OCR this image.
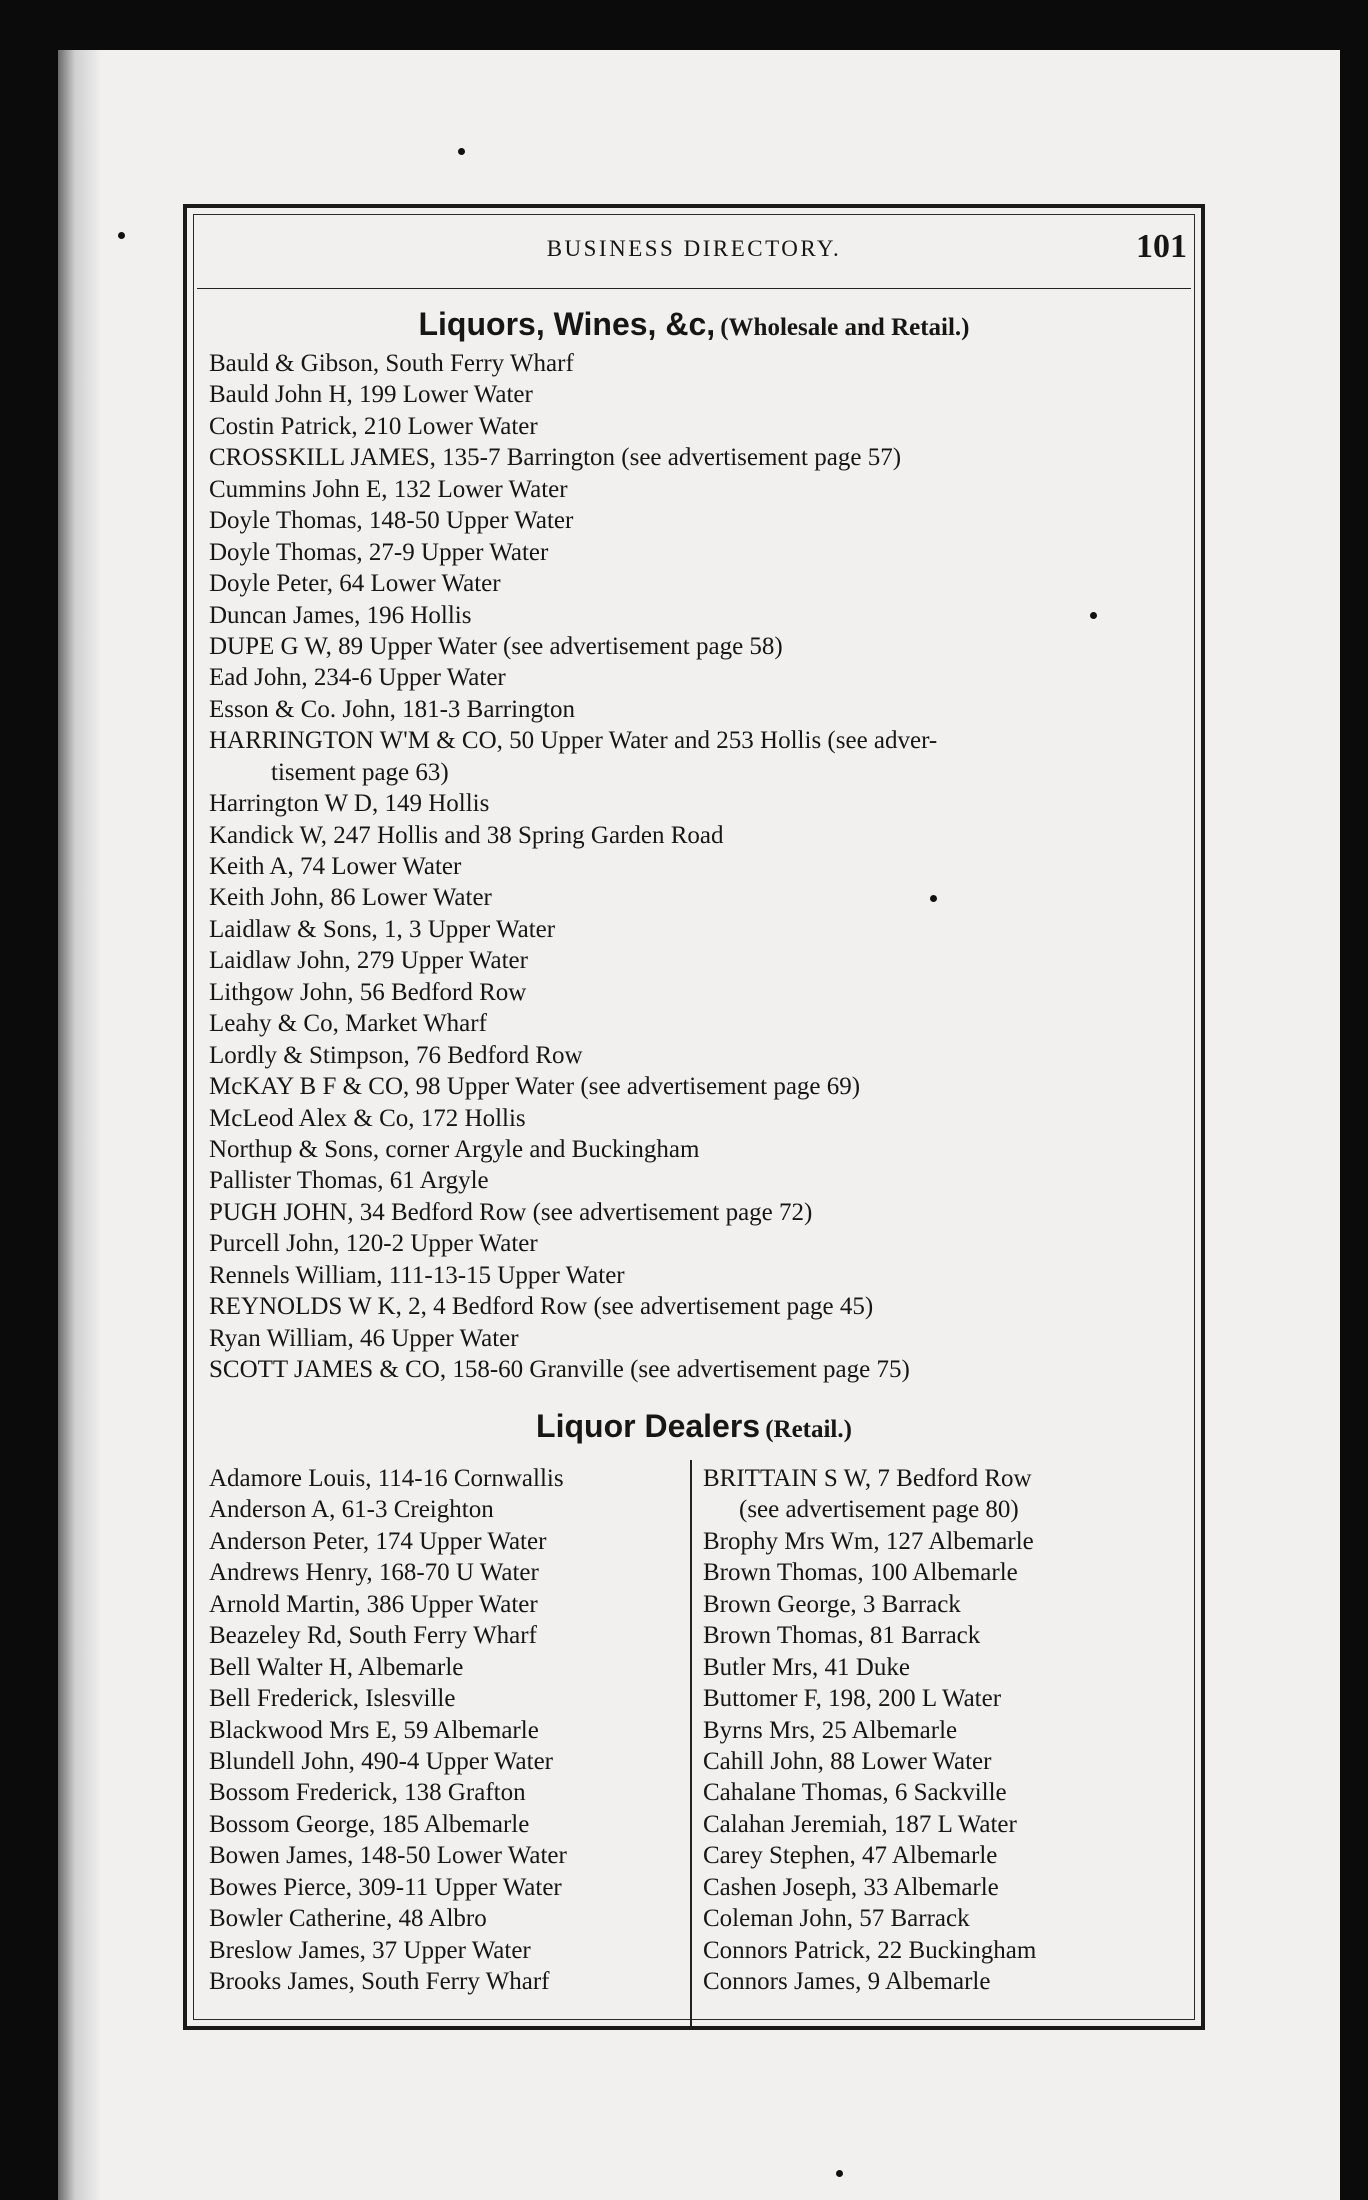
BUSINESS DIRECTORY.	101
Liquors, Wines, &c, (Wholesale and Retail.)
Bauld & Gibson, South Ferry Wharf
Bauld John H, 199 Lower Water
Costin Patrick, 210 Lower Water
CROSSKILL JAMES, 135-7 Barrington (see advertisement page 57)
Cummins John E, 132 Lower Water
Doyle Thomas, 148-50 Upper Water
Doyle Thomas, 27-9 Upper Water
Doyle Peter, 64 Lower Water
Duncan James, 196 Hollis
DUPE G W, 89 Upper Water (see advertisement page 58)
Ead John, 234-6 Upper Water
Esson & Co. John, 181-3 Barrington
HARRINGTON W'M & CO, 50 Upper Water and 253 Hollis (see adver-
tisement page 63)
Harrington W D, 149 Hollis
Kandick W, 247 Hollis and 38 Spring Garden Road
Keith A, 74 Lower Water
Keith John, 86 Lower Water
Laidlaw & Sons, 1, 3 Upper Water
Laidlaw John, 279 Upper Water
Lithgow John, 56 Bedford Row
Leahy & Co, Market Wharf
Lordly & Stimpson, 76 Bedford Row
McKAY B F & CO, 98 Upper Water (see advertisement page 69)
McLeod Alex & Co, 172 Hollis
Northup & Sons, corner Argyle and Buckingham
Pallister Thomas, 61 Argyle
PUGH JOHN, 34 Bedford Row (see advertisement page 72)
Purcell John, 120-2 Upper Water
Rennels William, 111-13-15 Upper Water
REYNOLDS W K, 2, 4 Bedford Row (see advertisement page 45)
Ryan William, 46 Upper Water
SCOTT JAMES & CO, 158-60 Granville (see advertisement page 75)
Liquor Dealers (Retail.)
Adamore Louis, 114-16 Cornwallis
Anderson A, 61-3 Creighton
Anderson Peter, 174 Upper Water
Andrews Henry, 168-70 U Water
Arnold Martin, 386 Upper Water
Beazeley Rd, South Ferry Wharf
Bell Walter H, Albemarle
Bell Frederick, Islesville
Blackwood Mrs E, 59 Albemarle
Blundell John, 490-4 Upper Water
Bossom Frederick, 138 Grafton
Bossom George, 185 Albemarle
Bowen James, 148-50 Lower Water
Bowes Pierce, 309-11 Upper Water
Bowler Catherine, 48 Albro
Breslow James, 37 Upper Water
Brooks James, South Ferry Wharf
BRITTAIN S W, 7 Bedford Row
(see advertisement page 80)
Brophy Mrs Wm, 127 Albemarle
Brown Thomas, 100 Albemarle
Brown George, 3 Barrack
Brown Thomas, 81 Barrack
Butler Mrs, 41 Duke
Buttomer F, 198, 200 L Water
Byrns Mrs, 25 Albemarle
Cahill John, 88 Lower Water
Cahalane Thomas, 6 Sackville
Calahan Jeremiah, 187 L Water
Carey Stephen, 47 Albemarle
Cashen Joseph, 33 Albemarle
Coleman John, 57 Barrack
Connors Patrick, 22 Buckingham
Connors James, 9 Albemarle
